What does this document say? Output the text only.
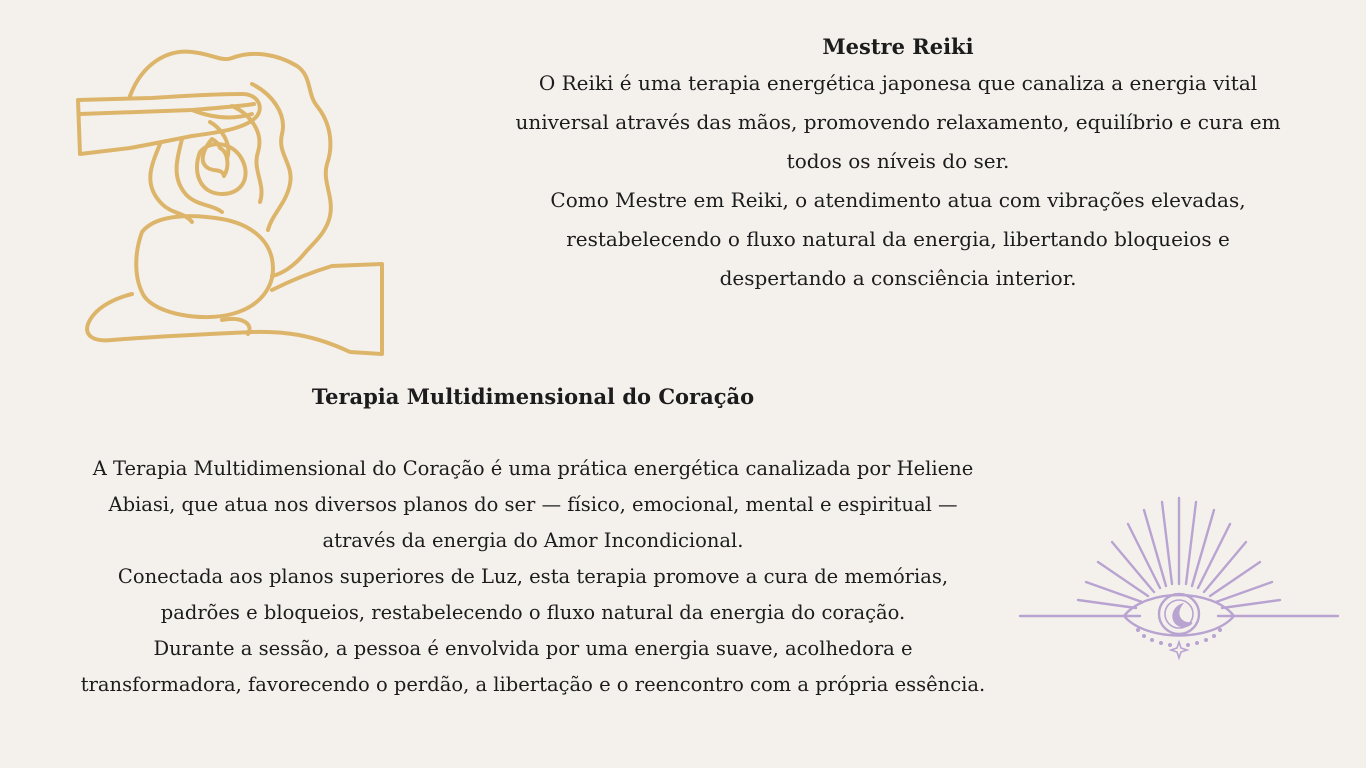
Mestre Reiki

O Reiki é uma terapia energética japonesa que canaliza a energia vital

universal através das mãos, promovendo relaxamento, equilíbrio e cura em

todos os níveis do ser.

Como Mestre em Reiki, o atendimento atua com vibrações elevadas,

restabelecendo o fluxo natural da energia, libertando bloqueios e

despertando a consciência interior.

Terapia Multidimensional do Coração

A Terapia Multidimensional do Coração é uma prática energética canalizada por Heliene

Abiasi, que atua nos diversos planos do ser — físico, emocional, mental e espiritual —

através da energia do Amor Incondicional.

Conectada aos planos superiores de Luz, esta terapia promove a cura de memórias,

padrões e bloqueios, restabelecendo o fluxo natural da energia do coração.

Durante a sessão, a pessoa é envolvida por uma energia suave, acolhedora e

transformadora, favorecendo o perdão, a libertação e o reencontro com a própria essência.
